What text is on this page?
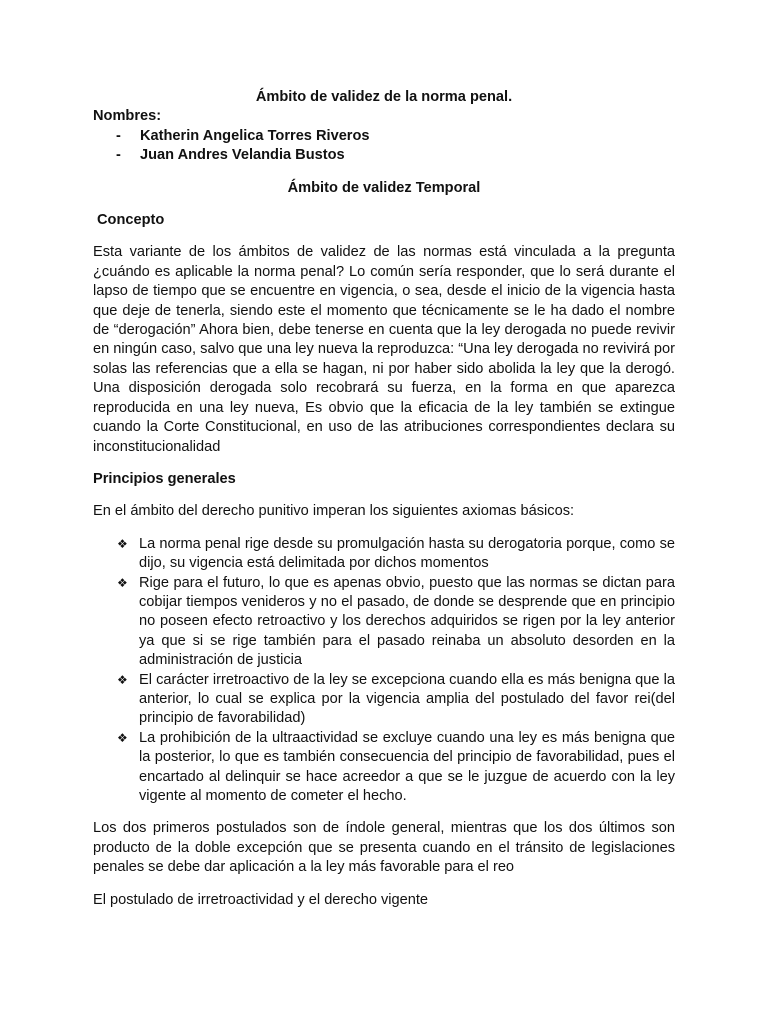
Ámbito de validez de la norma penal.

Nombres:

-	Katherin Angelica Torres Riveros
-	Juan Andres Velandia Bustos

Ámbito de validez Temporal

Concepto

Esta variante de los ámbitos de validez de las normas está vinculada a la pregunta ¿cuándo es aplicable la norma penal? Lo común sería responder, que lo será durante el lapso de tiempo que se encuentre en vigencia, o sea, desde el inicio de la vigencia hasta que deje de tenerla, siendo este el momento que técnicamente se le ha dado el nombre de “derogación” Ahora bien, debe tenerse en cuenta que la ley derogada no puede revivir en ningún caso, salvo que una ley nueva la reproduzca: “Una ley derogada no revivirá por solas las referencias que a ella se hagan, ni por haber sido abolida la ley que la derogó. Una disposición derogada solo recobrará su fuerza, en la forma en que aparezca reproducida en una ley nueva, Es obvio que la eficacia de la ley también se extingue cuando la Corte Constitucional, en uso de las atribuciones correspondientes declara su inconstitucionalidad

Principios generales

En el ámbito del derecho punitivo imperan los siguientes axiomas básicos:

❖ La norma penal rige desde su promulgación hasta su derogatoria porque, como se dijo, su vigencia está delimitada por dichos momentos
❖ Rige para el futuro, lo que es apenas obvio, puesto que las normas se dictan para cobijar tiempos venideros y no el pasado, de donde se desprende que en principio no poseen efecto retroactivo y los derechos adquiridos se rigen por la ley anterior ya que si se rige también para el pasado reinaba un absoluto desorden en la administración de justicia
❖ El carácter irretroactivo de la ley se excepciona cuando ella es más benigna que la anterior, lo cual se explica por la vigencia amplia del postulado del favor rei(del principio de favorabilidad)
❖ La prohibición de la ultraactividad se excluye cuando una ley es más benigna que la posterior, lo que es también consecuencia del principio de favorabilidad, pues el encartado al delinquir se hace acreedor a que se le juzgue de acuerdo con la ley vigente al momento de cometer el hecho.

Los dos primeros postulados son de índole general, mientras que los dos últimos son producto de la doble excepción que se presenta cuando en el tránsito de legislaciones penales se debe dar aplicación a la ley más favorable para el reo

El postulado de irretroactividad y el derecho vigente
